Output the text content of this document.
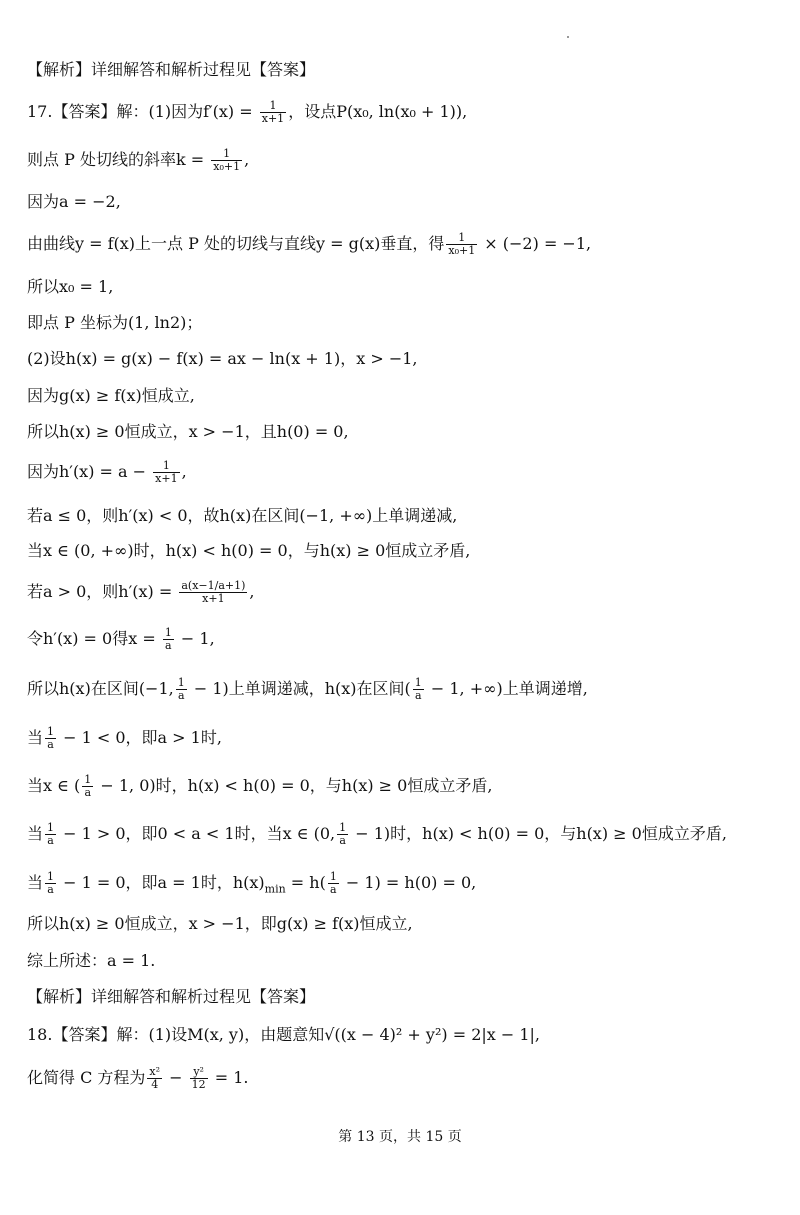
【解析】详细解答和解析过程见【答案】
17.【答案】解：(1)因为$f'(x) = \frac{1}{x+1}$ ，设点P(x₀, ln(x₀ + 1)),
则点 P 处切线的斜率$k = \frac{1}{\text{x₀+1}}$ ,
因为a = −2,
由曲线y = f(x)上一点 P 处的切线与直线y = g(x)垂直，得 $\frac{1}{\text{x₀+1}} \times (-2) = -1$,
所以x₀ = 1,
即点 P 坐标为(1, ln2)；
(2)设h(x) = g(x) − f(x) = ax − ln(x + 1)，x > −1,
因为g(x) ≥ f(x)恒成立,
所以h(x) ≥ 0恒成立，x > −1，且h(0) = 0,
因为$h'(x) = a - \frac{1}{x+1}$ ,
若a ≤ 0，则h′(x) < 0，故h(x)在区间(−1, +∞)上单调递减,
当x ∈ (0, +∞)时，h(x) < h(0) = 0，与h(x) ≥ 0恒成立矛盾,
若a > 0，则$h'(x) = \frac{a(x-1/a+1)}{x+1}$ ,
令h′(x) = 0得$x = \frac{1}{a} - 1$,
所以h(x)在区间(−1, $\frac{1}{a} - 1$)上单调递减，h(x)在区间( $\frac{1}{a} - 1$, +∞)上单调递增,
当 $\frac{1}{a} - 1 < 0$，即a > 1时,
当x ∈ ( $\frac{1}{a} - 1$, 0)时，h(x) < h(0) = 0，与h(x) ≥ 0恒成立矛盾,
当 $\frac{1}{a} - 1 > 0$，即0 < a < 1时，当x ∈ (0, $\frac{1}{a} - 1$)时，h(x) < h(0) = 0，与h(x) ≥ 0恒成立矛盾,
当 $\frac{1}{a} - 1 = 0$，即a = 1时，$h(x)_{min} = h( \frac{1}{a} - 1) = h(0) = 0$,
所以h(x) ≥ 0恒成立，x > −1，即g(x) ≥ f(x)恒成立,
综上所述：a = 1.
【解析】详细解答和解析过程见【答案】
18.【答案】解：(1)设M(x, y)，由题意知√((x − 4)² + y²) = 2|x − 1|,
化简得 C 方程为 $\frac{\text{x²}}{4} - \frac{\text{y²}}{12} = 1$.
第 13 页，共 15 页
